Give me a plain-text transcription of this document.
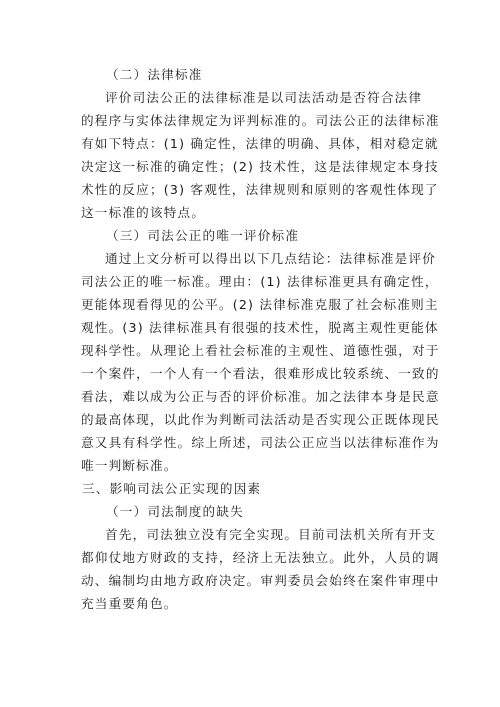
（二）法律标准
评价司法公正的法律标准是以司法活动是否符合法律
的程序与实体法律规定为评判标准的。司法公正的法律标准
有如下特点：(1) 确定性，法律的明确、具体，相对稳定就
决定这一标准的确定性；(2) 技术性，这是法律规定本身技
术性的反应；(3) 客观性，法律规则和原则的客观性体现了
这一标准的该特点。
（三）司法公正的唯一评价标准
通过上文分析可以得出以下几点结论：法律标准是评价
司法公正的唯一标准。理由：(1) 法律标准更具有确定性，
更能体现看得见的公平。(2) 法律标准克服了社会标准则主
观性。(3) 法律标准具有很强的技术性，脱离主观性更能体
现科学性。从理论上看社会标准的主观性、道德性强，对于
一个案件，一个人有一个看法，很难形成比较系统、一致的
看法，难以成为公正与否的评价标准。加之法律本身是民意
的最高体现，以此作为判断司法活动是否实现公正既体现民
意又具有科学性。综上所述，司法公正应当以法律标准作为
唯一判断标准。
三、影响司法公正实现的因素
（一）司法制度的缺失
首先，司法独立没有完全实现。目前司法机关所有开支
都仰仗地方财政的支持，经济上无法独立。此外，人员的调
动、编制均由地方政府决定。审判委员会始终在案件审理中
充当重要角色。
